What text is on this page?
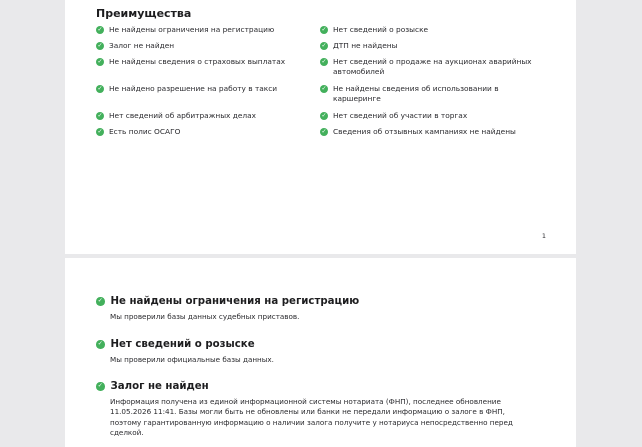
Преимущества
✓ Не найдены ограничения на регистрацию
✓ Залог не найден
✓ Не найдены сведения о страховых выплатах
✓ Не найдено разрешение на работу в такси
✓ Нет сведений об арбитражных делах
✓ Есть полис ОСАГО
✓ Нет сведений о розыске
✓ ДТП не найдены
✓ Нет сведений о продаже на аукционах аварийных автомобилей
✓ Не найдены сведения об использовании в каршеринге
✓ Нет сведений об участии в торгах
✓ Сведения об отзывных кампаниях не найдены
1
✓ Не найдены ограничения на регистрацию
Мы проверили базы данных судебных приставов.
✓ Нет сведений о розыске
Мы проверили официальные базы данных.
✓ Залог не найден
Информация получена из единой информационной системы нотариата (ФНП), последнее обновление 11.05.2026 11:41. Базы могли быть не обновлены или банки не передали информацию о залоге в ФНП, поэтому гарантированную информацию о наличии залога получите у нотариуса непосредственно перед сделкой.
